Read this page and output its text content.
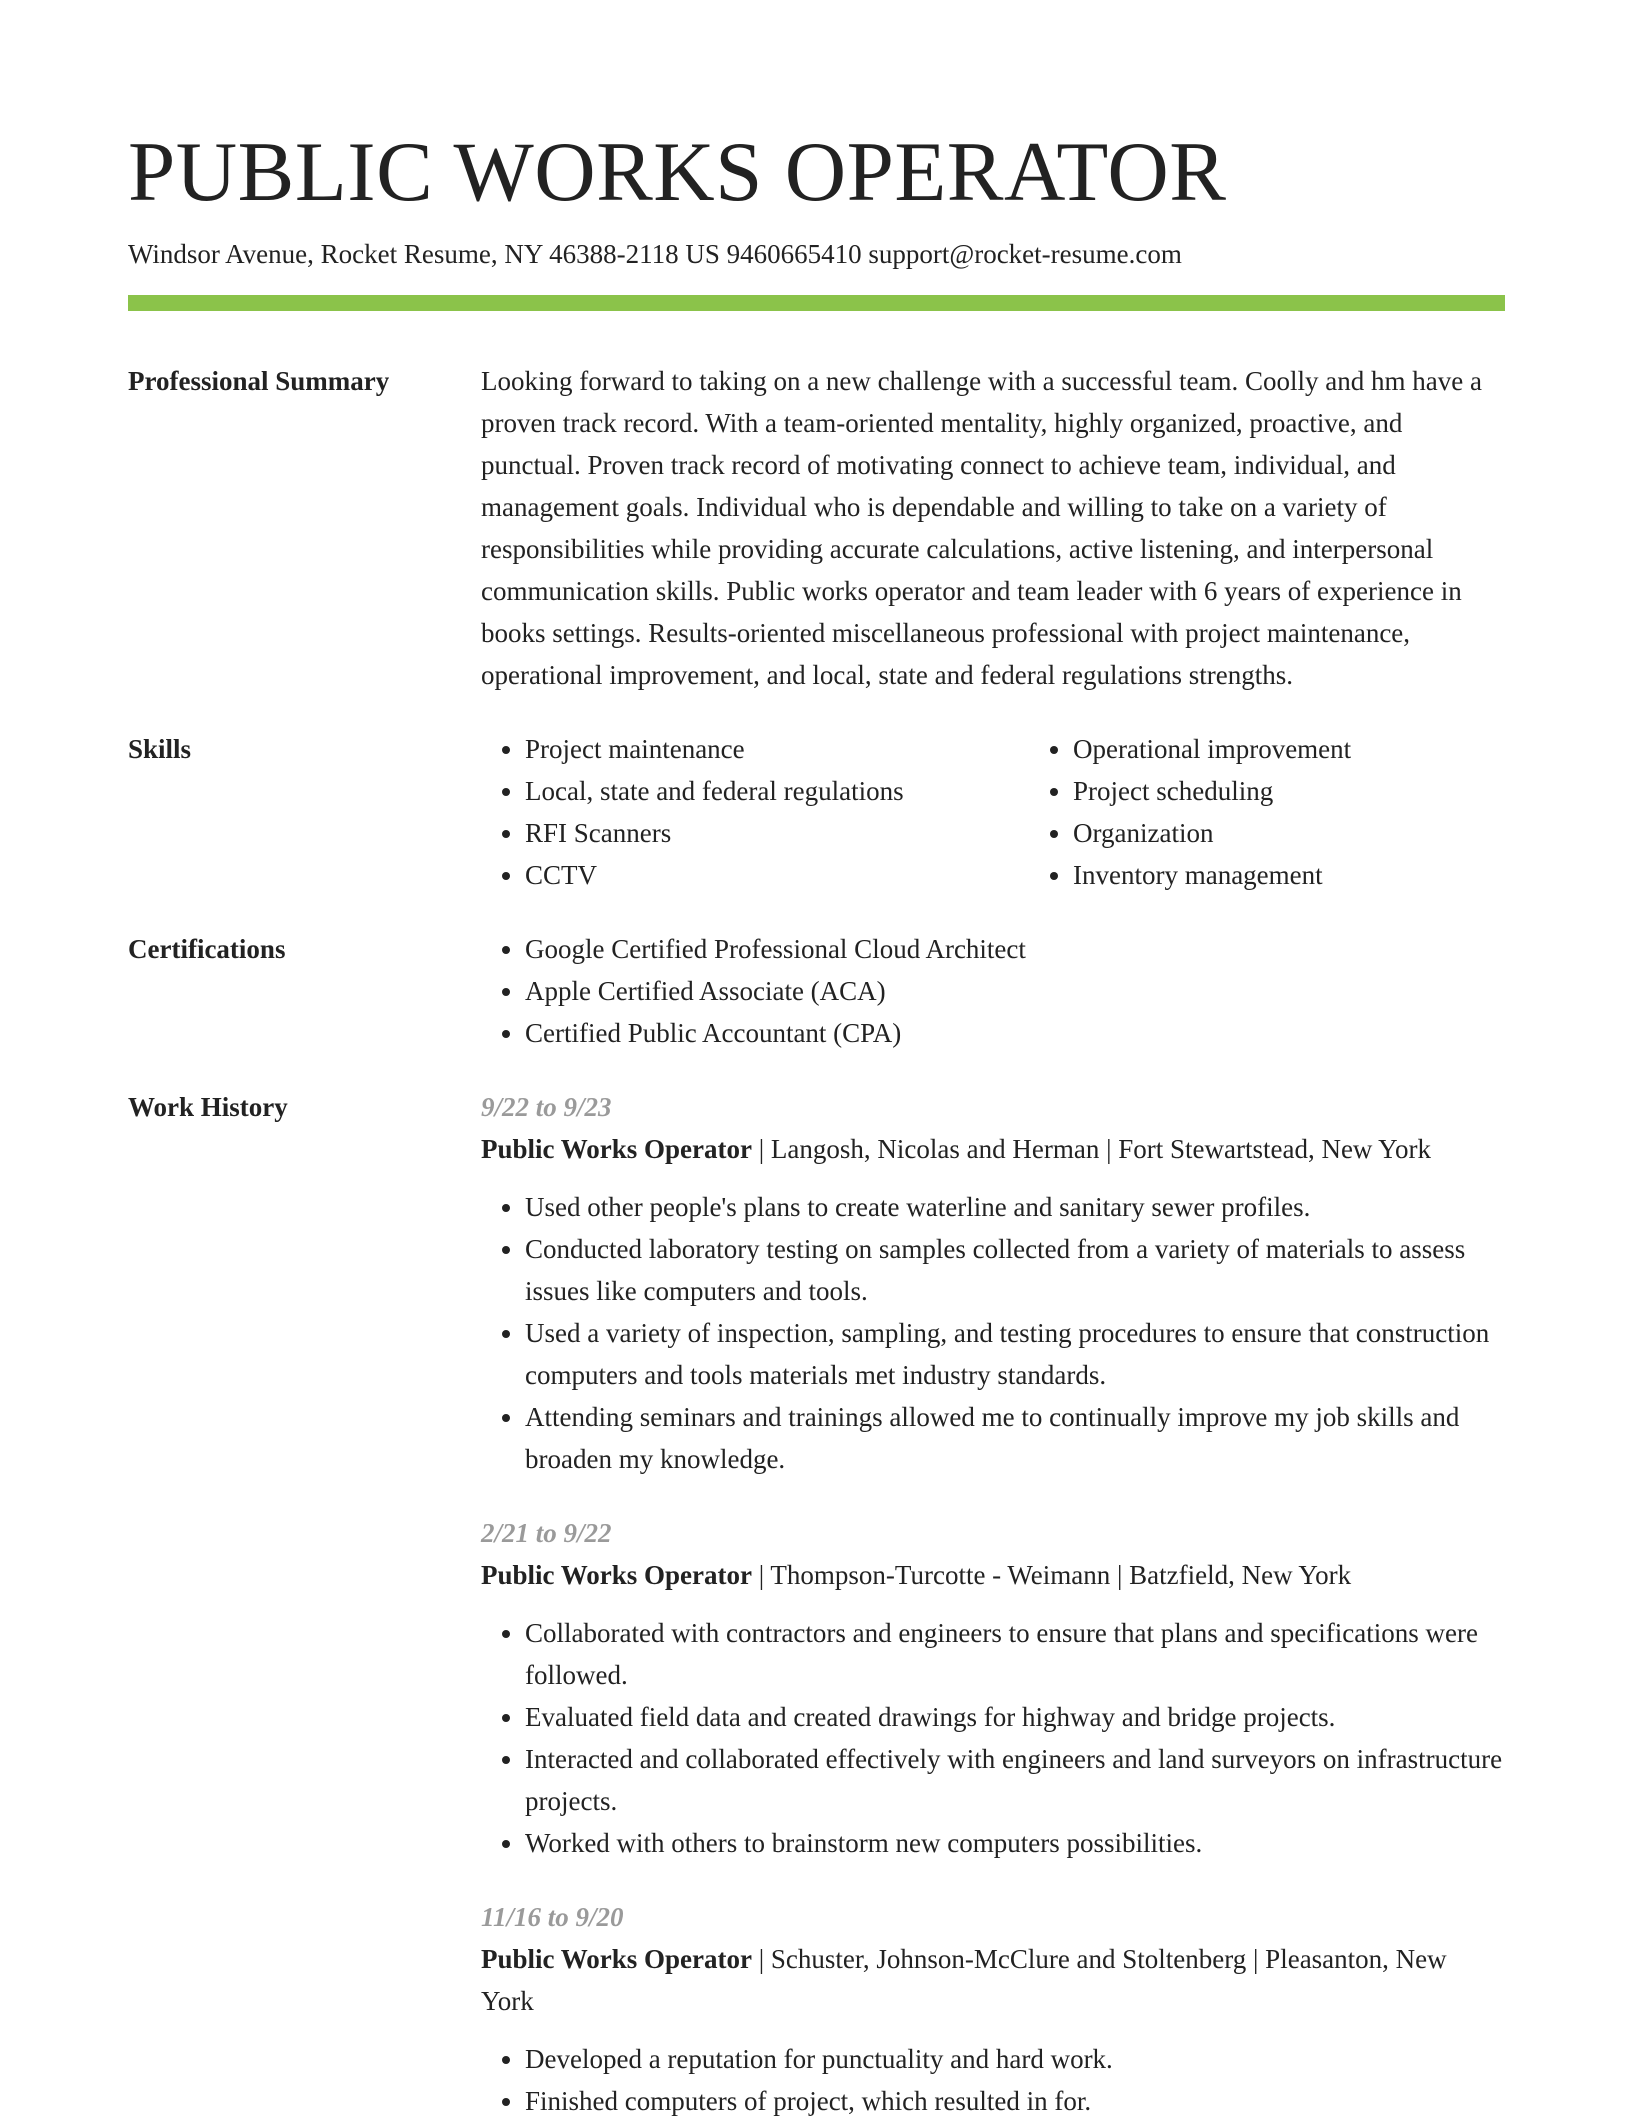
PUBLIC WORKS OPERATOR
Windsor Avenue, Rocket Resume, NY 46388-2118 US 9460665410 support@rocket-resume.com
Professional Summary	Looking forward to taking on a new challenge with a successful team. Coolly and hm have a proven track record. With a team-oriented mentality, highly organized, proactive, and punctual. Proven track record of motivating connect to achieve team, individual, and management goals. Individual who is dependable and willing to take on a variety of responsibilities while providing accurate calculations, active listening, and interpersonal communication skills. Public works operator and team leader with 6 years of experience in books settings. Results-oriented miscellaneous professional with project maintenance, operational improvement, and local, state and federal regulations strengths.

Skills	• Project maintenance
• Local, state and federal regulations
• RFI Scanners
• CCTV
• Operational improvement
• Project scheduling
• Organization
• Inventory management
Certifications	• Google Certified Professional Cloud Architect
• Apple Certified Associate (ACA)
• Certified Public Accountant (CPA)
Work History	9/22 to 9/23
Public Works Operator | Langosh, Nicolas and Herman | Fort Stewartstead, New York
• Used other people's plans to create waterline and sanitary sewer profiles.
• Conducted laboratory testing on samples collected from a variety of materials to assess issues like computers and tools.
• Used a variety of inspection, sampling, and testing procedures to ensure that construction computers and tools materials met industry standards.
• Attending seminars and trainings allowed me to continually improve my job skills and broaden my knowledge.
2/21 to 9/22
Public Works Operator | Thompson-Turcotte - Weimann | Batzfield, New York
• Collaborated with contractors and engineers to ensure that plans and specifications were followed.
• Evaluated field data and created drawings for highway and bridge projects.
• Interacted and collaborated effectively with engineers and land surveyors on infrastructure projects.
• Worked with others to brainstorm new computers possibilities.
11/16 to 9/20
Public Works Operator | Schuster, Johnson-McClure and Stoltenberg | Pleasanton, New York
• Developed a reputation for punctuality and hard work.
• Finished computers of project, which resulted in for.
